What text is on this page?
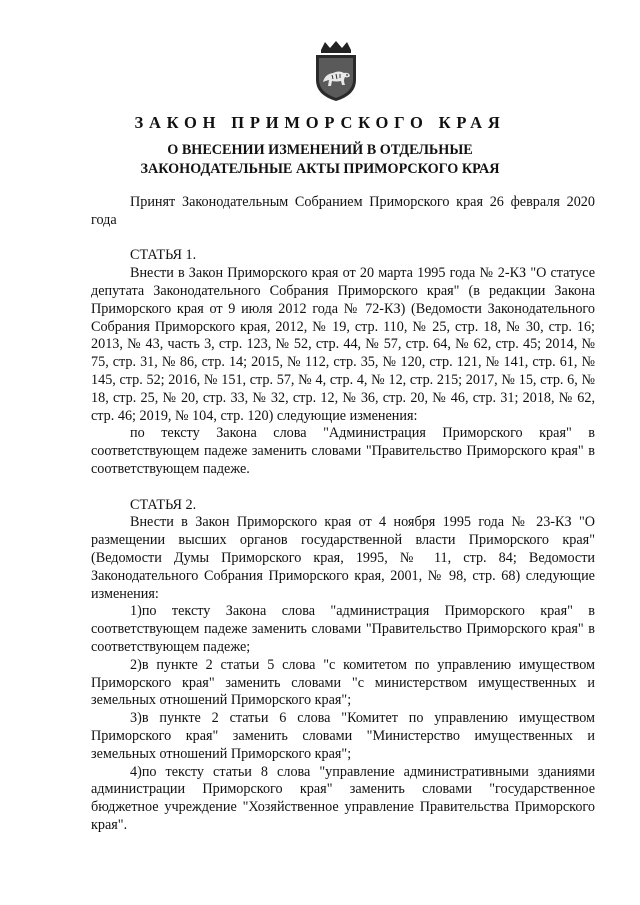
ЗАКОН ПРИМОРСКОГО КРАЯ
О ВНЕСЕНИИ ИЗМЕНЕНИЙ В ОТДЕЛЬНЫЕ
ЗАКОНОДАТЕЛЬНЫЕ АКТЫ ПРИМОРСКОГО КРАЯ

Принят Законодательным Собранием Приморского края 26 февраля 2020 года

СТАТЬЯ 1.

Внести в Закон Приморского края от 20 марта 1995 года № 2-КЗ "О статусе депутата Законодательного Собрания Приморского края" (в редакции Закона Приморского края от 9 июля 2012 года № 72-КЗ) (Ведомости Законодательного Собрания Приморского края, 2012, № 19, стр. 110, № 25, стр. 18, № 30, стр. 16; 2013, № 43, часть 3, стр. 123, № 52, стр. 44, № 57, стр. 64, № 62, стр. 45; 2014, № 75, стр. 31, № 86, стр. 14; 2015, № 112, стр. 35, № 120, стр. 121, № 141, стр. 61, № 145, стр. 52; 2016, № 151, стр. 57, № 4, стр. 4, № 12, стр. 215; 2017, № 15, стр. 6, № 18, стр. 25, № 20, стр. 33, № 32, стр. 12, № 36, стр. 20, № 46, стр. 31; 2018, № 62, стр. 46; 2019, № 104, стр. 120) следующие изменения:

по тексту Закона слова "Администрация Приморского края" в соответствующем падеже заменить словами "Правительство Приморского края" в соответствующем падеже.

СТАТЬЯ 2.

Внести в Закон Приморского края от 4 ноября 1995 года № 23-КЗ "О размещении высших органов государственной власти Приморского края" (Ведомости Думы Приморского края, 1995, № 11, стр. 84; Ведомости Законодательного Собрания Приморского края, 2001, № 98, стр. 68) следующие изменения:

1)по тексту Закона слова "администрация Приморского края" в соответствующем падеже заменить словами "Правительство Приморского края" в соответствующем падеже;

2)в пункте 2 статьи 5 слова "с комитетом по управлению имуществом Приморского края" заменить словами "с министерством имущественных и земельных отношений Приморского края";

3)в пункте 2 статьи 6 слова "Комитет по управлению имуществом Приморского края" заменить словами "Министерство имущественных и земельных отношений Приморского края";

4)по тексту статьи 8 слова "управление административными зданиями администрации Приморского края" заменить словами "государственное бюджетное учреждение "Хозяйственное управление Правительства Приморского края".
